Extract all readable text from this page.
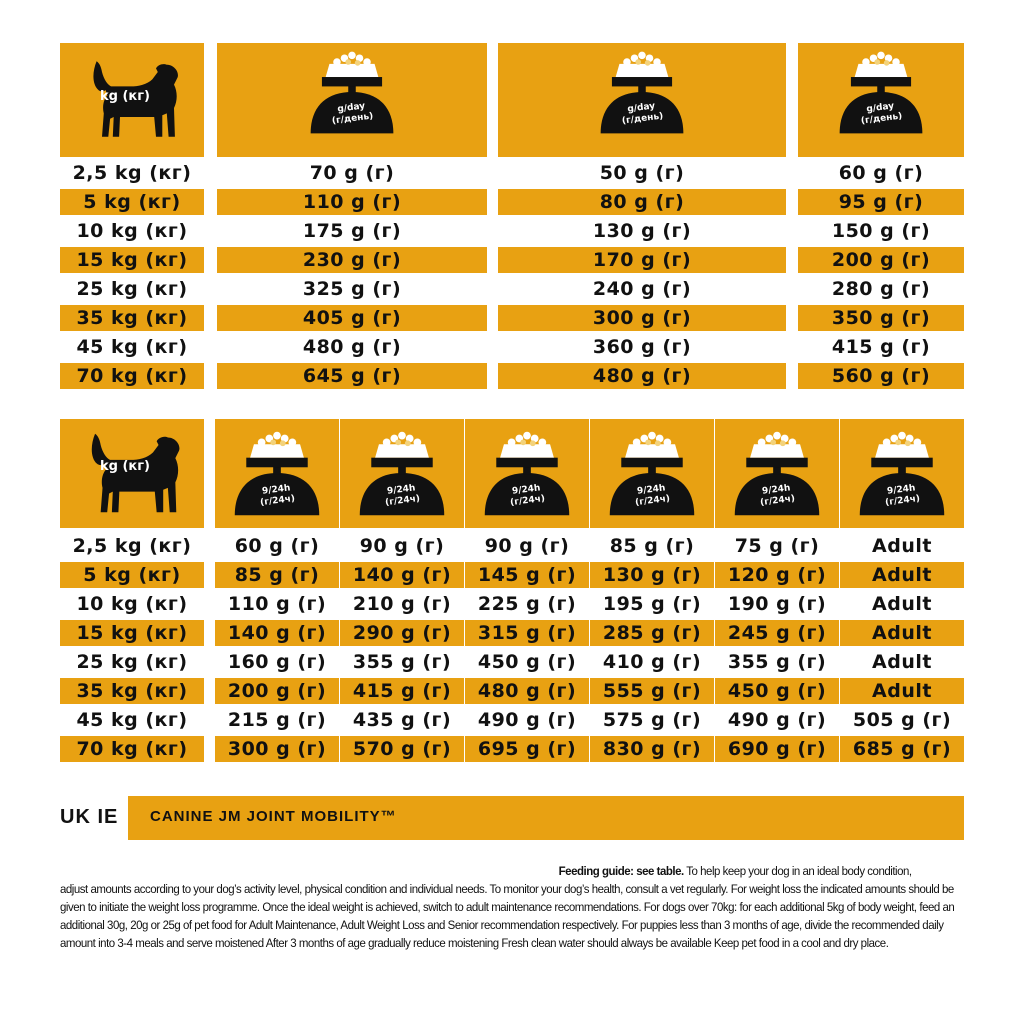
kg (кг)
g/day
(г/день)
g/day
(г/день)
g/day
(г/день)
2,5 kg (кг)	70 g (г)	50 g (г)	60 g (г)
5 kg (кг)	110 g (г)	80 g (г)	95 g (г)
10 kg (кг)	175 g (г)	130 g (г)	150 g (г)
15 kg (кг)	230 g (г)	170 g (г)	200 g (г)
25 kg (кг)	325 g (г)	240 g (г)	280 g (г)
35 kg (кг)	405 g (г)	300 g (г)	350 g (г)
45 kg (кг)	480 g (г)	360 g (г)	415 g (г)
70 kg (кг)	645 g (г)	480 g (г)	560 g (г)
kg (кг)
9/24h
(г/24ч)
9/24h
(г/24ч)
9/24h
(г/24ч)
9/24h
(г/24ч)
9/24h
(г/24ч)
9/24h
(г/24ч)
2,5 kg (кг)	60 g (г)	90 g (г)	90 g (г)	85 g (г)	75 g (г)	Adult
5 kg (кг)	85 g (г)	140 g (г)	145 g (г)	130 g (г)	120 g (г)	Adult
10 kg (кг)	110 g (г)	210 g (г)	225 g (г)	195 g (г)	190 g (г)	Adult
15 kg (кг)	140 g (г)	290 g (г)	315 g (г)	285 g (г)	245 g (г)	Adult
25 kg (кг)	160 g (г)	355 g (г)	450 g (г)	410 g (г)	355 g (г)	Adult
35 kg (кг)	200 g (г)	415 g (г)	480 g (г)	555 g (г)	450 g (г)	Adult
45 kg (кг)	215 g (г)	435 g (г)	490 g (г)	575 g (г)	490 g (г)	505 g (г)
70 kg (кг)	300 g (г)	570 g (г)	695 g (г)	830 g (г)	690 g (г)	685 g (г)
UK IE CANINE JM JOINT MOBILITY™
Feeding guide: see table. To help keep your dog in an ideal body condition,
adjust amounts according to your dog’s activity level, physical condition and individual needs. To monitor your dog’s health, consult a vet regularly. For weight loss the indicated amounts should be given to initiate the weight loss programme. Once the ideal weight is achieved, switch to adult maintenance recommendations. For dogs over 70kg: for each additional 5kg of body weight, feed an additional 30g, 20g or 25g of pet food for Adult Maintenance, Adult Weight Loss and Senior recommendation respectively. For puppies less than 3 months of age, divide the recommended daily amount into 3-4 meals and serve moistened After 3 months of age gradually reduce moistening Fresh clean water should always be available Keep pet food in a cool and dry place.
